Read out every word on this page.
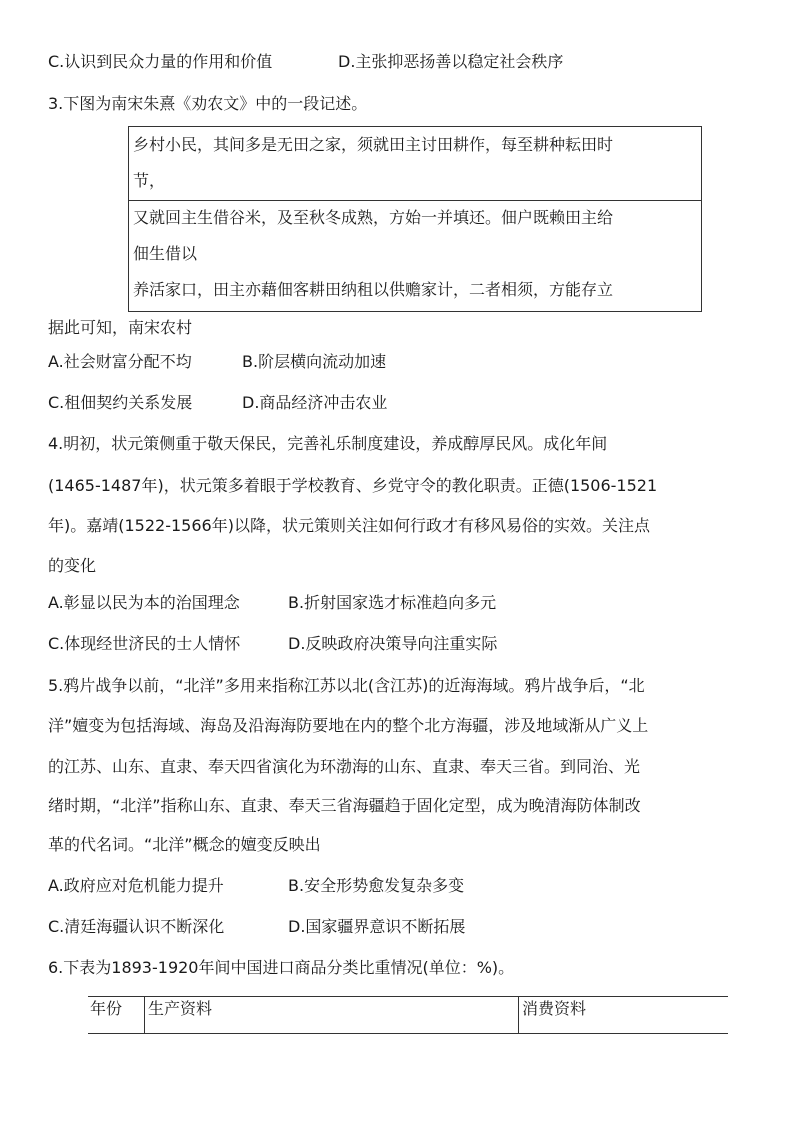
C.认识到民众力量的作用和价值	D.主张抑恶扬善以稳定社会秩序
3.下图为南宋朱熹《劝农文》中的一段记述。
乡村小民，其间多是无田之家，须就田主讨田耕作，每至耕种耘田时
节，
又就回主生借谷米，及至秋冬成熟，方始一并填还。佃户既赖田主给
佃生借以
养活家口，田主亦藉佃客耕田纳租以供赡家计，二者相须，方能存立
据此可知，南宋农村
A.社会财富分配不均	B.阶层横向流动加速
C.租佃契约关系发展	D.商品经济冲击农业
4.明初，状元策侧重于敬天保民，完善礼乐制度建设，养成醇厚民风。成化年间
(1465-1487年)，状元策多着眼于学校教育、乡党守令的教化职责。正德(1506-1521
年)。嘉靖(1522-1566年)以降，状元策则关注如何行政才有移风易俗的实效。关注点
的变化
A.彰显以民为本的治国理念	B.折射国家选才标准趋向多元
C.体现经世济民的士人情怀	D.反映政府决策导向注重实际
5.鸦片战争以前，“北洋”多用来指称江苏以北(含江苏)的近海海域。鸦片战争后，“北
洋”嬗变为包括海域、海岛及沿海海防要地在内的整个北方海疆，涉及地域渐从广义上
的江苏、山东、直隶、奉天四省演化为环渤海的山东、直隶、奉天三省。到同治、光
绪时期，“北洋”指称山东、直隶、奉天三省海疆趋于固化定型，成为晚清海防体制改
革的代名词。“北洋”概念的嬗变反映出
A.政府应对危机能力提升	B.安全形势愈发复杂多变
C.清廷海疆认识不断深化	D.国家疆界意识不断拓展
6.下表为1893-1920年间中国进口商品分类比重情况(单位：%)。
年份 生产资料	消费资料
